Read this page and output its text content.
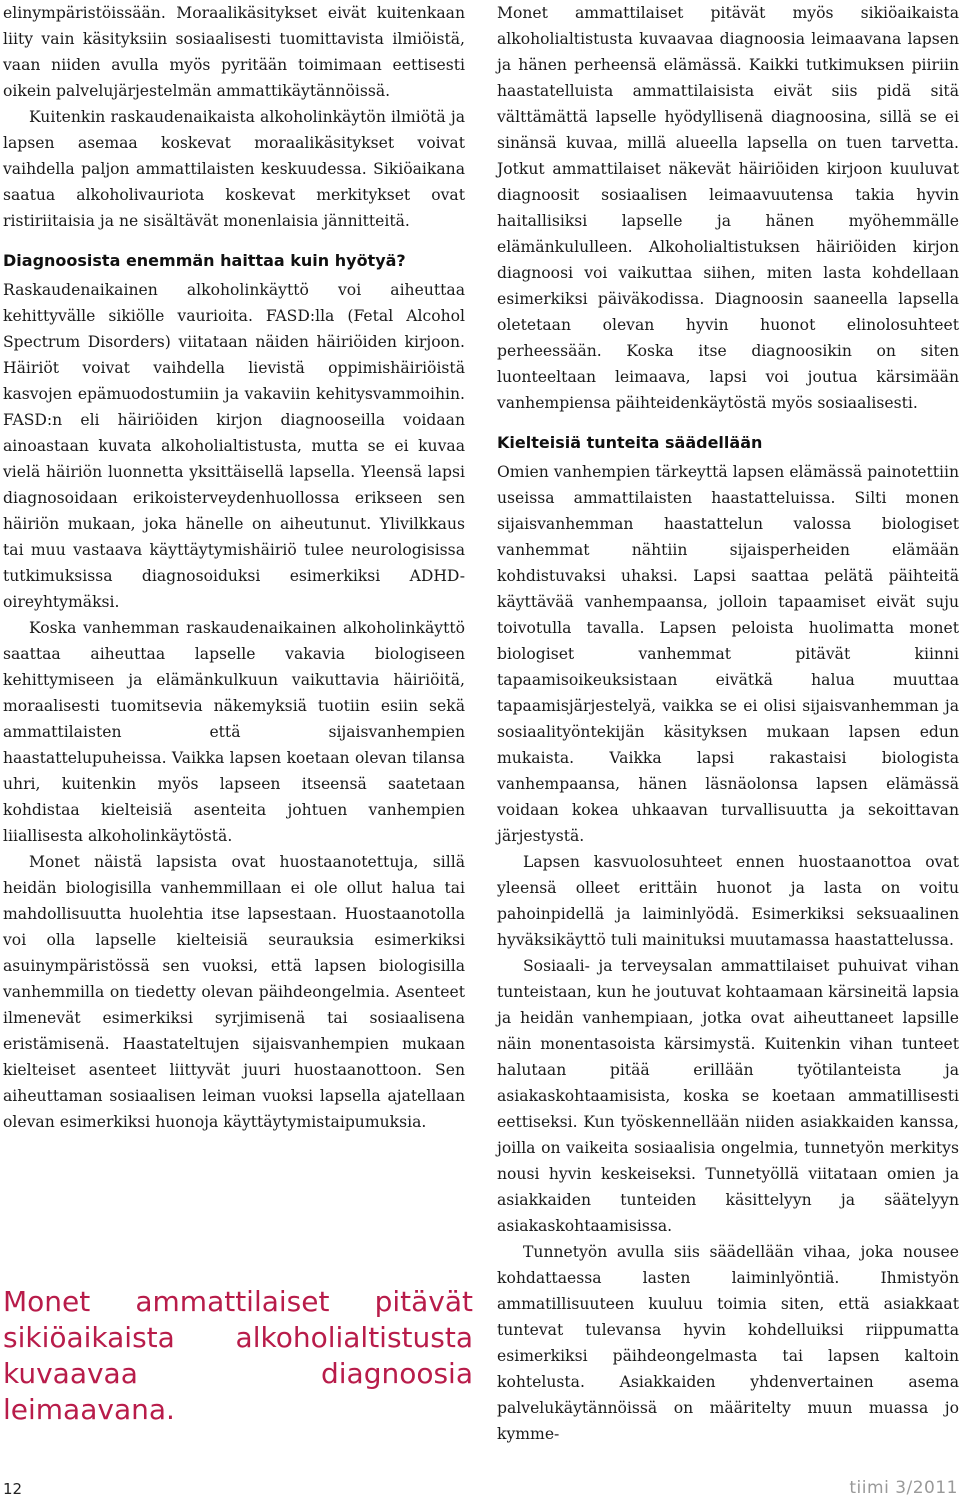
elinympäristöissään. Moraalikäsitykset eivät kuitenkaan liity vain käsityksiin sosiaalisesti tuomittavista ilmiöistä, vaan niiden avulla myös pyritään toimimaan eettisesti oikein palvelujärjestelmän ammattikäytännöissä.

Kuitenkin raskaudenaikaista alkoholinkäytön ilmiötä ja lapsen asemaa koskevat moraalikäsitykset voivat vaihdella paljon ammattilaisten keskuudessa. Sikiöaikana saatua alkoholivauriota koskevat merkitykset ovat ristiriitaisia ja ne sisältävät monenlaisia jännitteitä.

Diagnoosista enemmän haittaa kuin hyötyä?

Raskaudenaikainen alkoholinkäyttö voi aiheuttaa kehittyvälle sikiölle vaurioita. FASD:lla (Fetal Alcohol Spectrum Disorders) viitataan näiden häiriöiden kirjoon. Häiriöt voivat vaihdella lievistä oppimishäiriöistä kasvojen epämuodostumiin ja vakaviin kehitysvammoihin. FASD:n eli häiriöiden kirjon diagnooseilla voidaan ainoastaan kuvata alkoholialtistusta, mutta se ei kuvaa vielä häiriön luonnetta yksittäisellä lapsella. Yleensä lapsi diagnosoidaan erikoisterveydenhuollossa erikseen sen häiriön mukaan, joka hänelle on aiheutunut. Ylivilkkaus tai muu vastaava käyttäytymishäiriö tulee neurologisissa tutkimuksissa diagnosoiduksi esimerkiksi ADHD-oireyhtymäksi.

Koska vanhemman raskaudenaikainen alkoholinkäyttö saattaa aiheuttaa lapselle vakavia biologiseen kehittymiseen ja elämänkulkuun vaikuttavia häiriöitä, moraalisesti tuomitsevia näkemyksiä tuotiin esiin sekä ammattilaisten että sijaisvanhempien haastattelupuheissa. Vaikka lapsen koetaan olevan tilansa uhri, kuitenkin myös lapseen itseensä saatetaan kohdistaa kielteisiä asenteita johtuen vanhempien liiallisesta alkoholinkäytöstä.

Monet näistä lapsista ovat huostaanotettuja, sillä heidän biologisilla vanhemmillaan ei ole ollut halua tai mahdollisuutta huolehtia itse lapsestaan. Huostaanotolla voi olla lapselle kielteisiä seurauksia esimerkiksi asuinympäristössä sen vuoksi, että lapsen biologisilla vanhemmilla on tiedetty olevan päihdeongelmia. Asenteet ilmenevät esimerkiksi syrjimisenä tai sosiaalisena eristämisenä. Haastateltujen sijaisvanhempien mukaan kielteiset asenteet liittyvät juuri huostaanottoon. Sen aiheuttaman sosiaalisen leiman vuoksi lapsella ajatellaan olevan esimerkiksi huonoja käyttäytymistaipumuksia.

Monet ammattilaiset pitävät sikiöaikaista alkoholialtistusta kuvaavaa diagnoosia leimaavana.

Monet ammattilaiset pitävät myös sikiöaikaista alkoholialtistusta kuvaavaa diagnoosia leimaavana lapsen ja hänen perheensä elämässä. Kaikki tutkimuksen piiriin haastatelluista ammattilaisista eivät siis pidä sitä välttämättä lapselle hyödyllisenä diagnoosina, sillä se ei sinänsä kuvaa, millä alueella lapsella on tuen tarvetta. Jotkut ammattilaiset näkevät häiriöiden kirjoon kuuluvat diagnoosit sosiaalisen leimaavuutensa takia hyvin haitallisiksi lapselle ja hänen myöhemmälle elämänkululleen. Alkoholialtistuksen häiriöiden kirjon diagnoosi voi vaikuttaa siihen, miten lasta kohdellaan esimerkiksi päiväkodissa. Diagnoosin saaneella lapsella oletetaan olevan hyvin huonot elinolosuhteet perheessään. Koska itse diagnoosikin on siten luonteeltaan leimaava, lapsi voi joutua kärsimään vanhempiensa päihteidenkäytöstä myös sosiaalisesti.

Kielteisiä tunteita säädellään

Omien vanhempien tärkeyttä lapsen elämässä painotettiin useissa ammattilaisten haastatteluissa. Silti monen sijaisvanhemman haastattelun valossa biologiset vanhemmat nähtiin sijaisperheiden elämään kohdistuvaksi uhaksi. Lapsi saattaa pelätä päihteitä käyttävää vanhempaansa, jolloin tapaamiset eivät suju toivotulla tavalla. Lapsen peloista huolimatta monet biologiset vanhemmat pitävät kiinni tapaamisoikeuksistaan eivätkä halua muuttaa tapaamisjärjestelyä, vaikka se ei olisi sijaisvanhemman ja sosiaalityöntekijän käsityksen mukaan lapsen edun mukaista. Vaikka lapsi rakastaisi biologista vanhempaansa, hänen läsnäolonsa lapsen elämässä voidaan kokea uhkaavan turvallisuutta ja sekoittavan järjestystä.

Lapsen kasvuolosuhteet ennen huostaanottoa ovat yleensä olleet erittäin huonot ja lasta on voitu pahoinpidellä ja laiminlyödä. Esimerkiksi seksuaalinen hyväksikäyttö tuli mainituksi muutamassa haastattelussa.

Sosiaali- ja terveysalan ammattilaiset puhuivat vihan tunteistaan, kun he joutuvat kohtaamaan kärsineitä lapsia ja heidän vanhempiaan, jotka ovat aiheuttaneet lapsille näin monentasoista kärsimystä. Kuitenkin vihan tunteet halutaan pitää erillään työtilanteista ja asiakaskohtaamisista, koska se koetaan ammatillisesti eettiseksi. Kun työskennellään niiden asiakkaiden kanssa, joilla on vaikeita sosiaalisia ongelmia, tunnetyön merkitys nousi hyvin keskeiseksi. Tunnetyöllä viitataan omien ja asiakkaiden tunteiden käsittelyyn ja säätelyyn asiakaskohtaamisissa.

Tunnetyön avulla siis säädellään vihaa, joka nousee kohdattaessa lasten laiminlyöntiä. Ihmistyön ammatillisuuteen kuuluu toimia siten, että asiakkaat tuntevat tulevansa hyvin kohdelluiksi riippumatta esimerkiksi päihdeongelmasta tai lapsen kaltoin kohtelusta. Asiakkaiden yhdenvertainen asema palvelukäytännöissä on määritelty muun muassa jo kymme-

12	tiimi 3/2011
